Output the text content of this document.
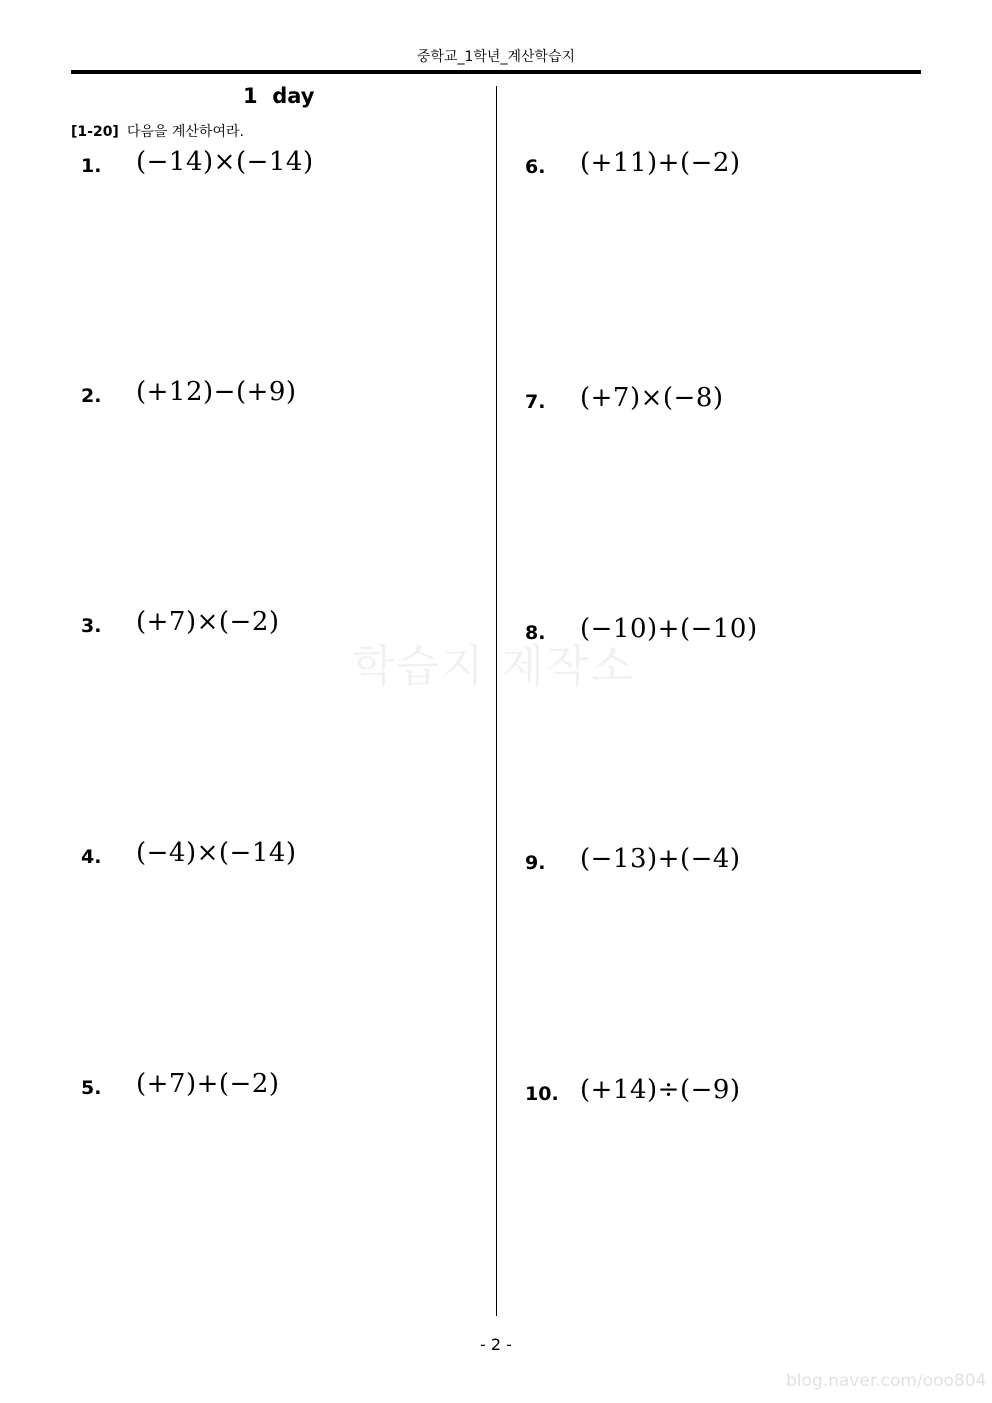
중학교_1학년_계산학습지
1  day
[1-20] 다음을 계산하여라.
1. (−14)×(−14)
2. (+12)−(+9)
3. (+7)×(−2)
4. (−4)×(−14)
5. (+7)+(−2)
6. (+11)+(−2)
7. (+7)×(−8)
8. (−10)+(−10)
9. (−13)+(−4)
10. (+14)÷(−9)
학습지 제작소
- 2 -
blog.naver.com/ooo804
